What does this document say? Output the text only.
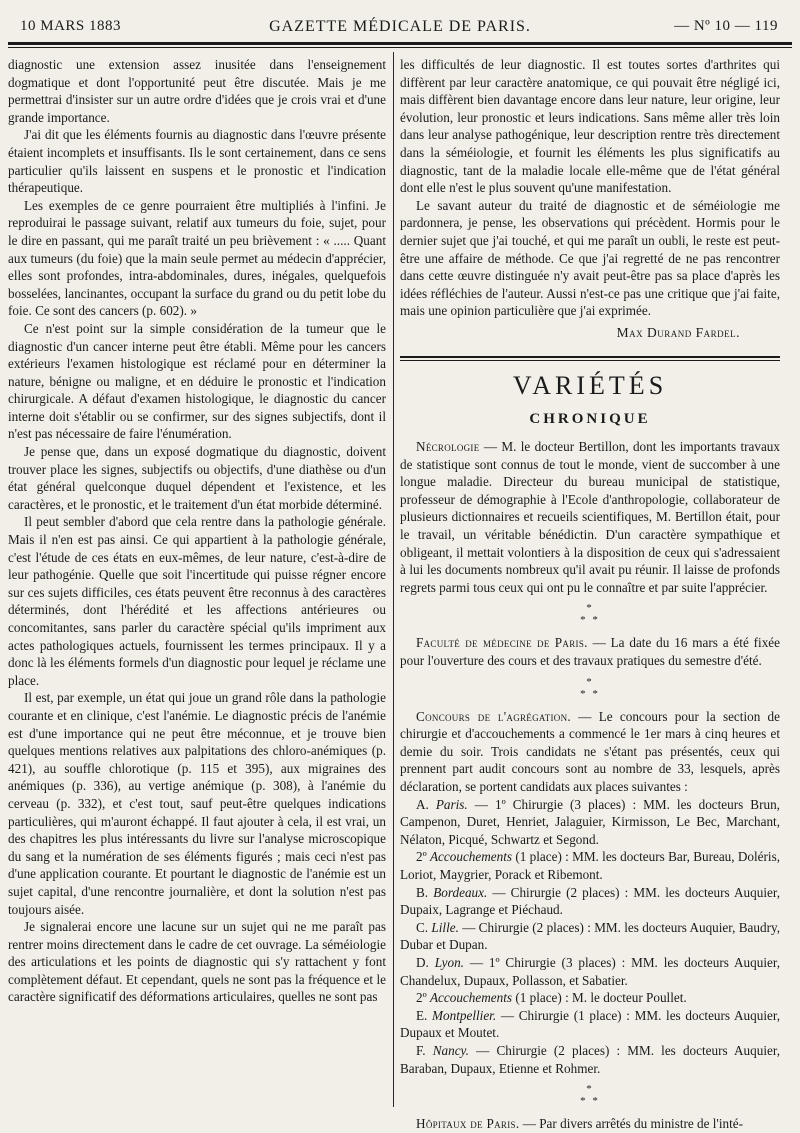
10 MARS 1883	GAZETTE MÉDICALE DE PARIS.	— Nº 10 — 119

diagnostic une extension assez inusitée dans l'enseignement dogmatique et dont l'opportunité peut être discutée. Mais je me permettrai d'insister sur un autre ordre d'idées que je crois vrai et d'une grande importance.

J'ai dit que les éléments fournis au diagnostic dans l'œuvre présente étaient incomplets et insuffisants. Ils le sont certainement, dans ce sens particulier qu'ils laissent en suspens et le pronostic et l'indication thérapeutique.

Les exemples de ce genre pourraient être multipliés à l'infini. Je reproduirai le passage suivant, relatif aux tumeurs du foie, sujet, pour le dire en passant, qui me paraît traité un peu brièvement : « ..... Quant aux tumeurs (du foie) que la main seule permet au médecin d'apprécier, elles sont profondes, intra-abdominales, dures, inégales, quelquefois bosselées, lancinantes, occupant la surface du grand ou du petit lobe du foie. Ce sont des cancers (p. 602). »

Ce n'est point sur la simple considération de la tumeur que le diagnostic d'un cancer interne peut être établi. Même pour les cancers extérieurs l'examen histologique est réclamé pour en déterminer la nature, bénigne ou maligne, et en déduire le pronostic et l'indication chirurgicale. A défaut d'examen histologique, le diagnostic du cancer interne doit s'établir ou se confirmer, sur des signes subjectifs, dont il n'est pas nécessaire de faire l'énumération.

Je pense que, dans un exposé dogmatique du diagnostic, doivent trouver place les signes, subjectifs ou objectifs, d'une diathèse ou d'un état général quelconque duquel dépendent et l'existence, et les caractères, et le pronostic, et le traitement d'un état morbide déterminé.

Il peut sembler d'abord que cela rentre dans la pathologie générale. Mais il n'en est pas ainsi. Ce qui appartient à la pathologie générale, c'est l'étude de ces états en eux-mêmes, de leur nature, c'est-à-dire de leur pathogénie. Quelle que soit l'incertitude qui puisse régner encore sur ces sujets difficiles, ces états peuvent être reconnus à des caractères déterminés, dont l'hérédité et les affections antérieures ou concomitantes, sans parler du caractère spécial qu'ils impriment aux actes pathologiques actuels, fournissent les termes principaux. Il y a donc là les éléments formels d'un diagnostic pour lequel je réclame une place.

Il est, par exemple, un état qui joue un grand rôle dans la pathologie courante et en clinique, c'est l'anémie. Le diagnostic précis de l'anémie est d'une importance qui ne peut être méconnue, et je trouve bien quelques mentions relatives aux palpitations des chloro-anémiques (p. 421), au souffle chlorotique (p. 115 et 395), aux migraines des anémiques (p. 336), au vertige anémique (p. 308), à l'anémie du cerveau (p. 332), et c'est tout, sauf peut-être quelques indications particulières, qui m'auront échappé. Il faut ajouter à cela, il est vrai, un des chapitres les plus intéressants du livre sur l'analyse microscopique du sang et la numération de ses éléments figurés ; mais ceci n'est pas d'une application courante. Et pourtant le diagnostic de l'anémie est un sujet capital, d'une rencontre journalière, et dont la solution n'est pas toujours aisée.

Je signalerai encore une lacune sur un sujet qui ne me paraît pas rentrer moins directement dans le cadre de cet ouvrage. La séméiologie des articulations et les points de diagnostic qui s'y rattachent y font complètement défaut. Et cependant, quels ne sont pas la fréquence et le caractère significatif des déformations articulaires, quelles ne sont pas

les difficultés de leur diagnostic. Il est toutes sortes d'arthrites qui diffèrent par leur caractère anatomique, ce qui pouvait être négligé ici, mais diffèrent bien davantage encore dans leur nature, leur origine, leur évolution, leur pronostic et leurs indications. Sans même aller très loin dans leur analyse pathogénique, leur description rentre très directement dans la séméiologie, et fournit les éléments les plus significatifs au diagnostic, tant de la maladie locale elle-même que de l'état général dont elle n'est le plus souvent qu'une manifestation.

Le savant auteur du traité de diagnostic et de séméiologie me pardonnera, je pense, les observations qui précèdent. Hormis pour le dernier sujet que j'ai touché, et qui me paraît un oubli, le reste est peut-être une affaire de méthode. Ce que j'ai regretté de ne pas rencontrer dans cette œuvre distinguée n'y avait peut-être pas sa place d'après les idées réfléchies de l'auteur. Aussi n'est-ce pas une critique que j'ai faite, mais une opinion particulière que j'ai exprimée.

Max Durand Fardel.
VARIÉTÉS
CHRONIQUE

Nécrologie — M. le docteur Bertillon, dont les importants travaux de statistique sont connus de tout le monde, vient de succomber à une longue maladie. Directeur du bureau municipal de statistique, professeur de démographie à l'Ecole d'anthropologie, collaborateur de plusieurs dictionnaires et recueils scientifiques, M. Bertillon était, pour le travail, un véritable bénédictin. D'un caractère sympathique et obligeant, il mettait volontiers à la disposition de ceux qui s'adressaient à lui les documents nombreux qu'il avait pu réunir. Il laisse de profonds regrets parmi tous ceux qui ont pu le connaître et par suite l'apprécier.

*
* *

Faculté de médecine de Paris. — La date du 16 mars a été fixée pour l'ouverture des cours et des travaux pratiques du semestre d'été.

*
* *

Concours de l'agrégation. — Le concours pour la section de chirurgie et d'accouchements a commencé le 1er mars à cinq heures et demie du soir. Trois candidats ne s'étant pas présentés, ceux qui prennent part audit concours sont au nombre de 33, lesquels, après déclaration, se portent candidats aux places suivantes :

A. Paris. — 1º Chirurgie (3 places) : MM. les docteurs Brun, Campenon, Duret, Henriet, Jalaguier, Kirmisson, Le Bec, Marchant, Nélaton, Picqué, Schwartz et Segond.

2º Accouchements (1 place) : MM. les docteurs Bar, Bureau, Doléris, Loriot, Maygrier, Porack et Ribemont.

B. Bordeaux. — Chirurgie (2 places) : MM. les docteurs Auquier, Dupaix, Lagrange et Piéchaud.

C. Lille. — Chirurgie (2 places) : MM. les docteurs Auquier, Baudry, Dubar et Dupan.

D. Lyon. — 1º Chirurgie (3 places) : MM. les docteurs Auquier, Chandelux, Dupaux, Pollasson, et Sabatier.

2º Accouchements (1 place) : M. le docteur Poullet.

E. Montpellier. — Chirurgie (1 place) : MM. les docteurs Auquier, Dupaux et Moutet.

F. Nancy. — Chirurgie (2 places) : MM. les docteurs Auquier, Baraban, Dupaux, Etienne et Rohmer.

*
* *

Hôpitaux de Paris. — Par divers arrêtés du ministre de l'inté-
